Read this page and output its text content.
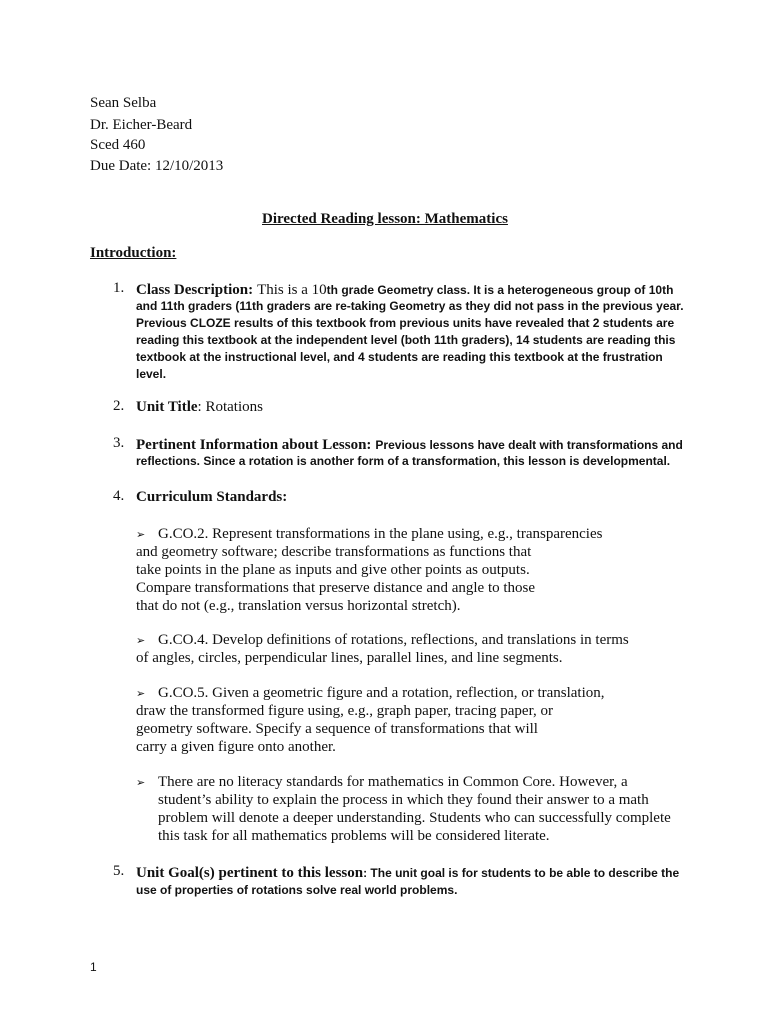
Sean Selba
Dr. Eicher-Beard
Sced 460
Due Date: 12/10/2013
Directed Reading lesson: Mathematics
Introduction:
1. Class Description: This is a 10th grade Geometry class. It is a heterogeneous group of 10th
and 11th graders (11th graders are re-taking Geometry as they did not pass in the previous year.
Previous CLOZE results of this textbook from previous units have revealed that 2 students are
reading this textbook at the independent level (both 11th graders), 14 students are reading this
textbook at the instructional level, and 4 students are reading this textbook at the frustration
level.
2. Unit Title: Rotations
3. Pertinent Information about Lesson: Previous lessons have dealt with transformations and
reflections. Since a rotation is another form of a transformation, this lesson is developmental.
4. Curriculum Standards:
➢ G.CO.2. Represent transformations in the plane using, e.g., transparencies
and geometry software; describe transformations as functions that
take points in the plane as inputs and give other points as outputs.
Compare transformations that preserve distance and angle to those
that do not (e.g., translation versus horizontal stretch).
➢ G.CO.4. Develop definitions of rotations, reflections, and translations in terms
of angles, circles, perpendicular lines, parallel lines, and line segments.
➢ G.CO.5. Given a geometric figure and a rotation, reflection, or translation,
draw the transformed figure using, e.g., graph paper, tracing paper, or
geometry software. Specify a sequence of transformations that will
carry a given figure onto another.
➢ There are no literacy standards for mathematics in Common Core. However, a
student’s ability to explain the process in which they found their answer to a math
problem will denote a deeper understanding. Students who can successfully complete
this task for all mathematics problems will be considered literate.
5. Unit Goal(s) pertinent to this lesson: The unit goal is for students to be able to describe the
use of properties of rotations solve real world problems.
1
